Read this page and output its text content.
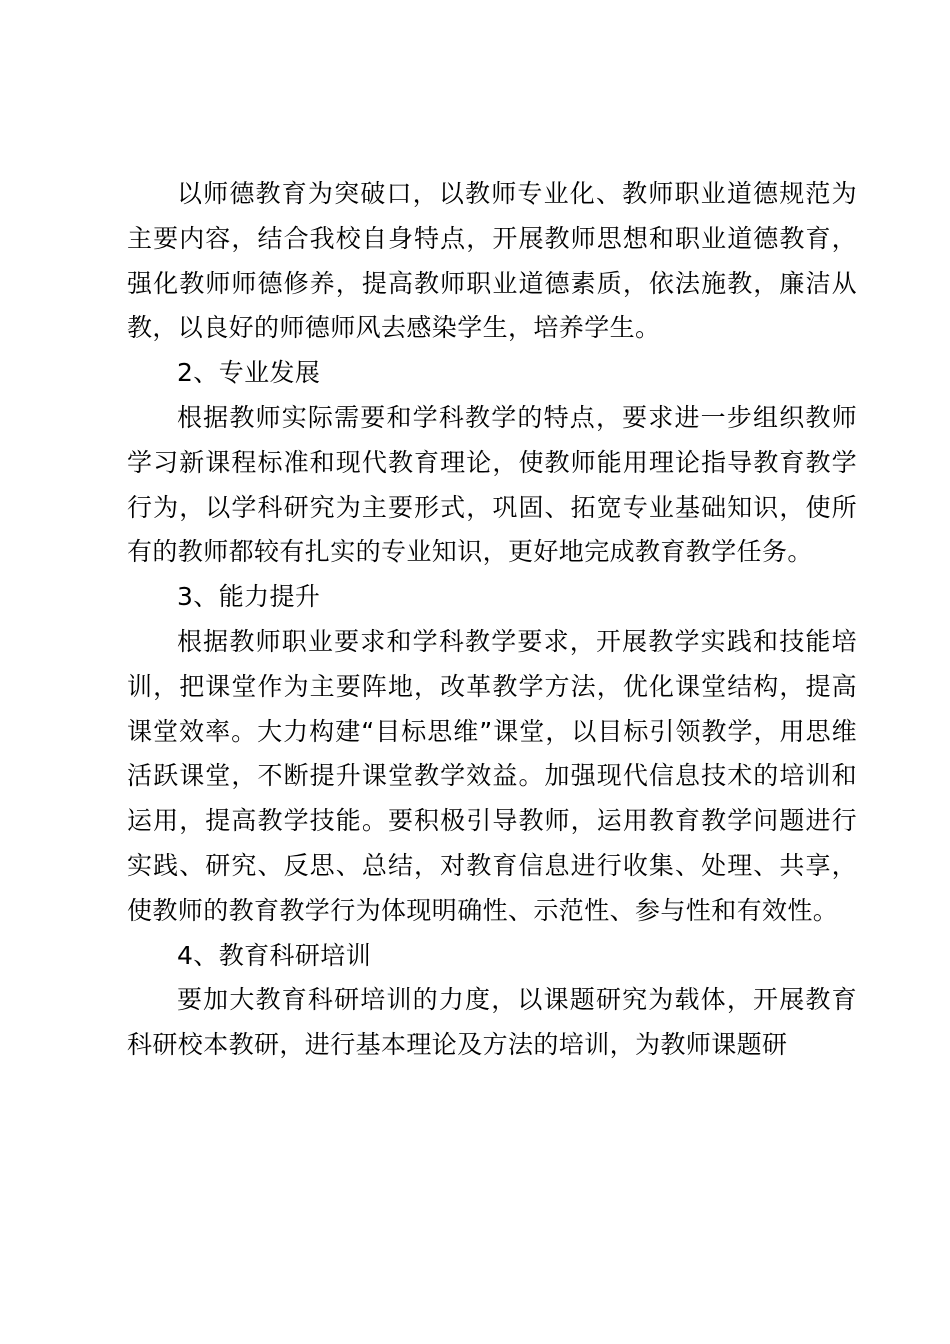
以师德教育为突破口，以教师专业化、教师职业道德规范为主要内容，结合我校自身特点，开展教师思想和职业道德教育，强化教师师德修养，提高教师职业道德素质，依法施教，廉洁从教，以良好的师德师风去感染学生，培养学生。

2、专业发展

根据教师实际需要和学科教学的特点，要求进一步组织教师学习新课程标准和现代教育理论，使教师能用理论指导教育教学行为，以学科研究为主要形式，巩固、拓宽专业基础知识，使所有的教师都较有扎实的专业知识，更好地完成教育教学任务。

3、能力提升

根据教师职业要求和学科教学要求，开展教学实践和技能培训，把课堂作为主要阵地，改革教学方法，优化课堂结构，提高课堂效率。大力构建“目标思维”课堂，以目标引领教学，用思维活跃课堂，不断提升课堂教学效益。加强现代信息技术的培训和运用，提高教学技能。要积极引导教师，运用教育教学问题进行实践、研究、反思、总结，对教育信息进行收集、处理、共享，使教师的教育教学行为体现明确性、示范性、参与性和有效性。

4、教育科研培训

要加大教育科研培训的力度，以课题研究为载体，开展教育科研校本教研，进行基本理论及方法的培训，为教师课题研
